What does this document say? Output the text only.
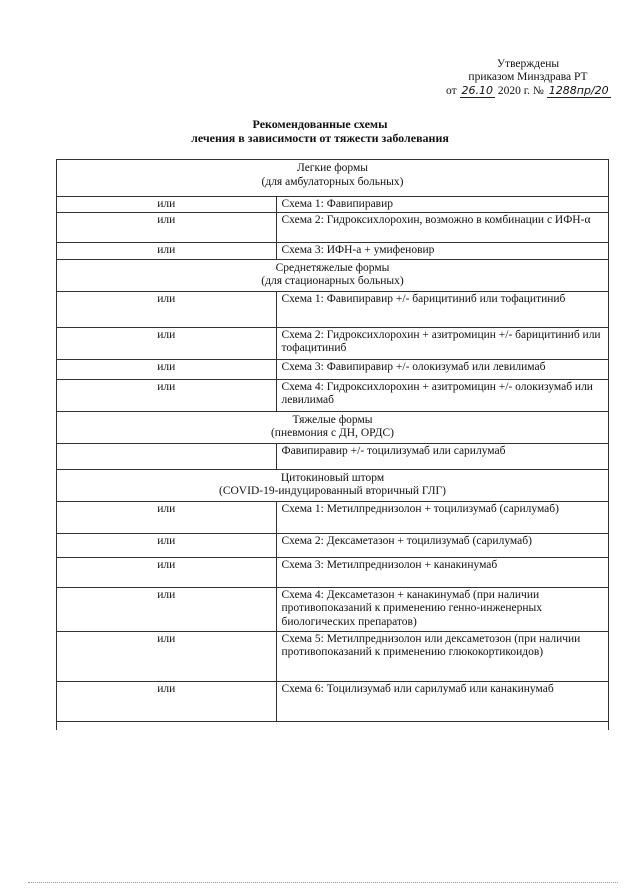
Утверждены
приказом Минздрава РТ
от 26.10 2020 г. № 1288пр/20
Рекомендованные схемы
лечения в зависимости от тяжести заболевания
Легкие формы
(для амбулаторных больных)	

или	Схема 1: Фавипиравир
или	Схема 2: Гидроксихлорохин, возможно в комбинации с ИФН-α
или	Схема 3: ИФН-а + умифеновир

Среднетяжелые формы
(для стационарных больных)	

или	Схема 1: Фавипиравир +/- барицитиниб или тофацитиниб
или	Схема 2: Гидроксихлорохин + азитромицин +/- барицитиниб или тофацитиниб
или	Схема 3: Фавипиравир +/- олокизумаб или левилимаб
или	Схема 4: Гидроксихлорохин + азитромицин +/- олокизумаб или левилимаб

Тяжелые формы
(пневмония с ДН, ОРДС)	

	Фавипиравир +/- тоцилизумаб или сарилумаб

Цитокиновый шторм
(COVID-19-индуцированный вторичный ГЛГ)	

или	Схема 1: Метилпреднизолон + тоцилизумаб (сарилумаб)
или	Схема 2: Дексаметазон + тоцилизумаб (сарилумаб)
или	Схема 3: Метилпреднизолон + канакинумаб
или	Схема 4: Дексаметазон + канакинумаб (при наличии противопоказаний к применению генно-инженерных биологических препаратов)
или	Схема 5: Метилпреднизолон или дексаметозон (при наличии противопоказаний к применению глюкокортикоидов)
или	Схема 6: Тоцилизумаб или сарилумаб или канакинумаб
